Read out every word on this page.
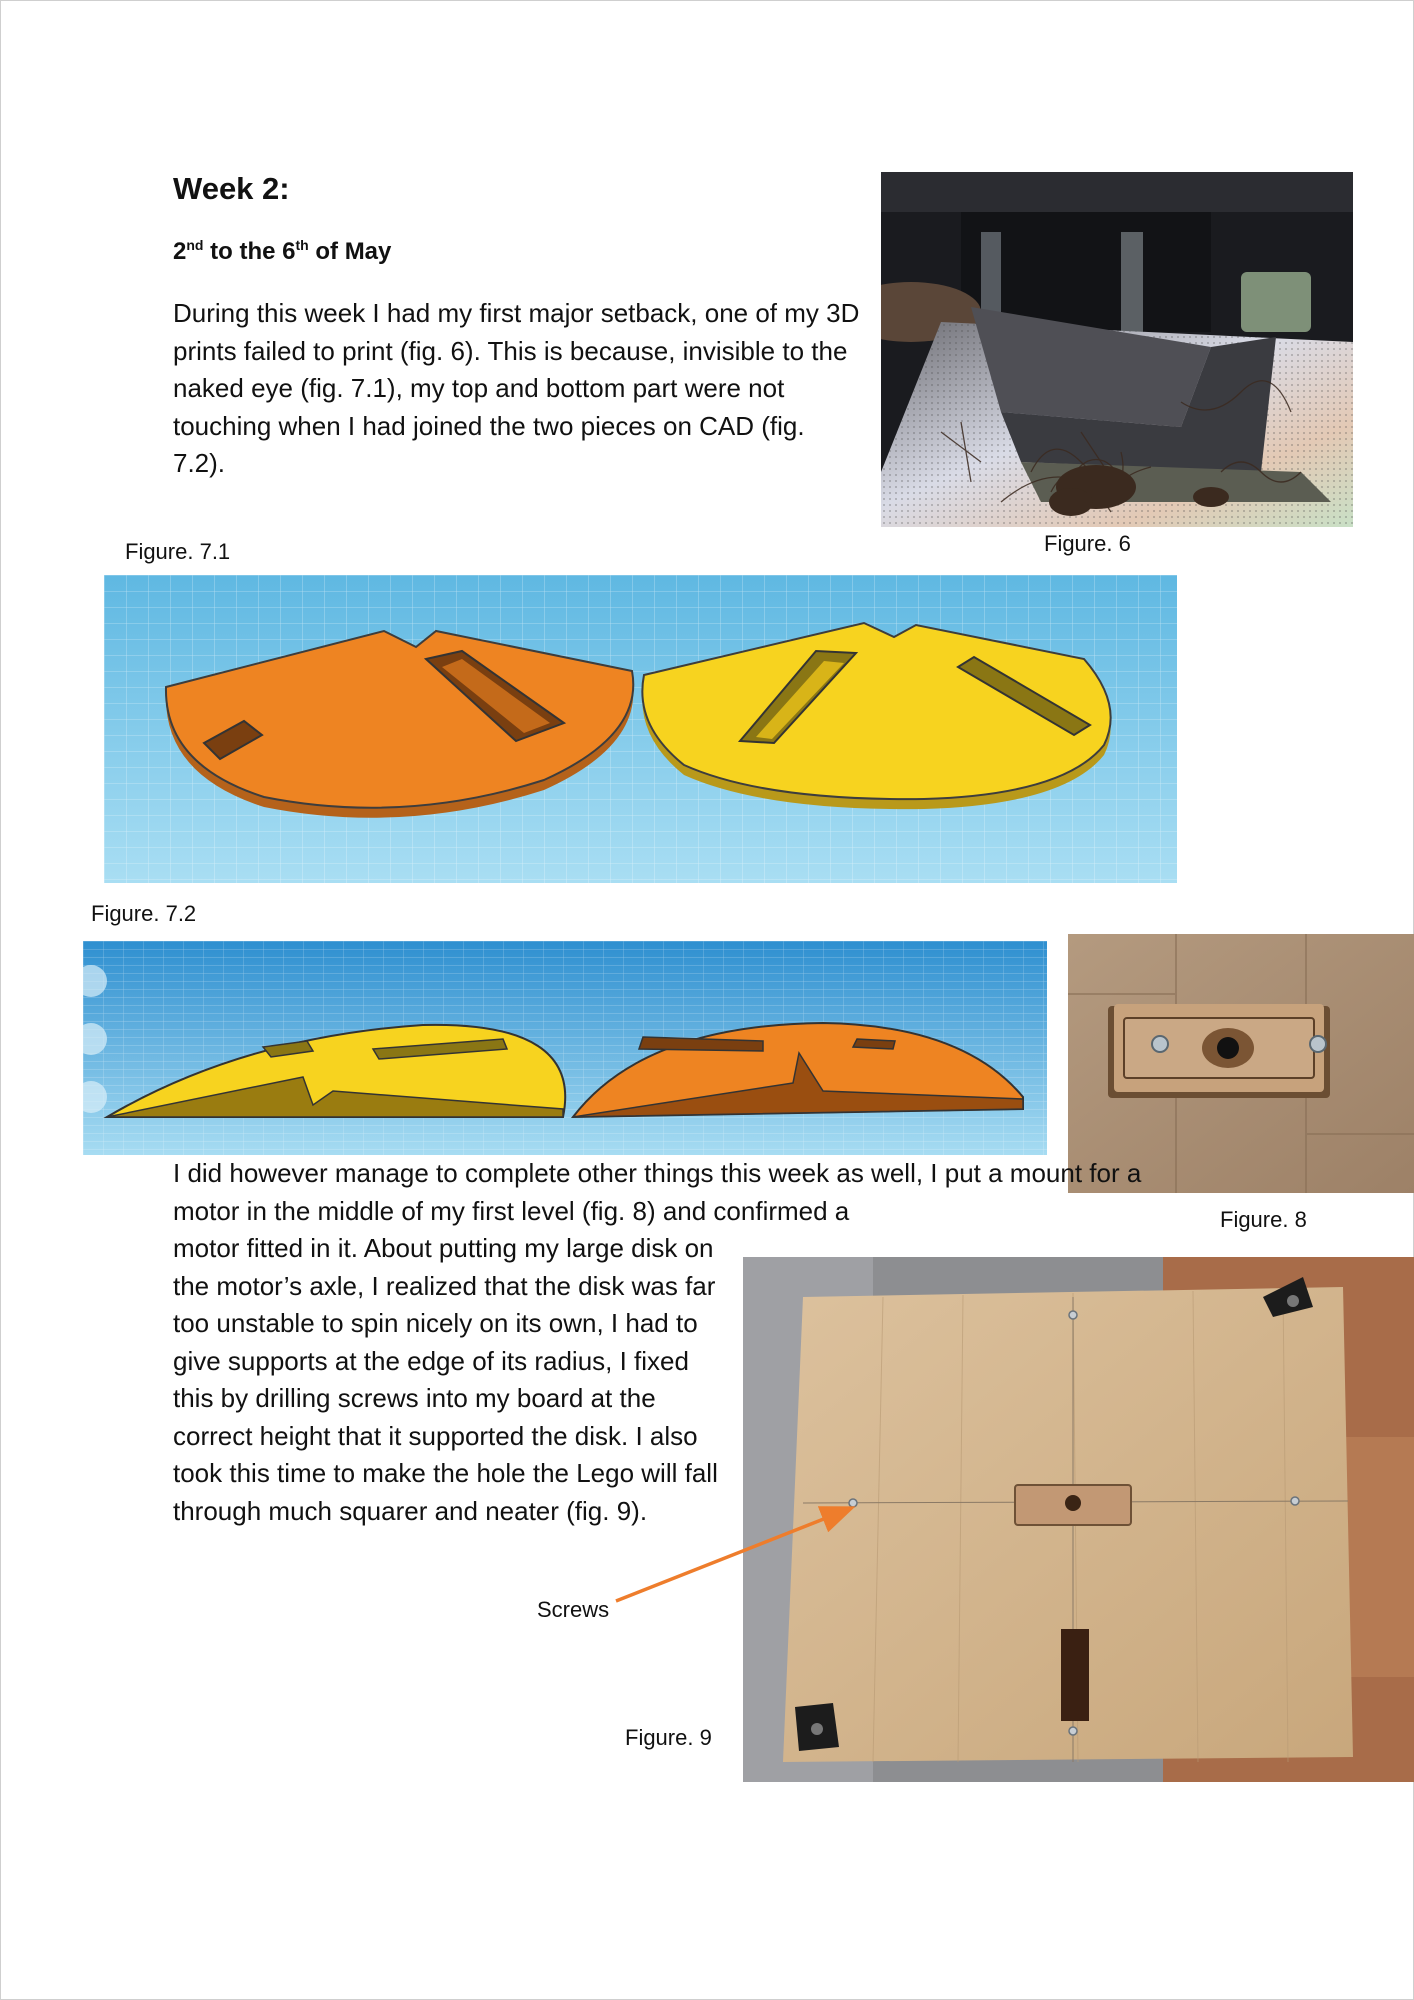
Week 2:

2nd to the 6th of May

During this week I had my first major setback, one of my 3D prints failed to print (fig. 6). This is because, invisible to the naked eye (fig. 7.1), my top and bottom part were not touching when I had joined the two pieces on CAD (fig. 7.2).

Figure. 6

Figure. 7.1

Figure. 7.2

Figure. 8

I did however manage to complete other things this week as well, I put a mount for a motor in the middle of my first level (fig. 8) and confirmed a

motor fitted in it. About putting my large disk on the motor’s axle, I realized that the disk was far too unstable to spin nicely on its own, I had to give supports at the edge of its radius, I fixed this by drilling screws into my board at the correct height that it supported the disk. I also took this time to make the hole the Lego will fall through much squarer and neater (fig. 9).

Screws

Figure. 9
